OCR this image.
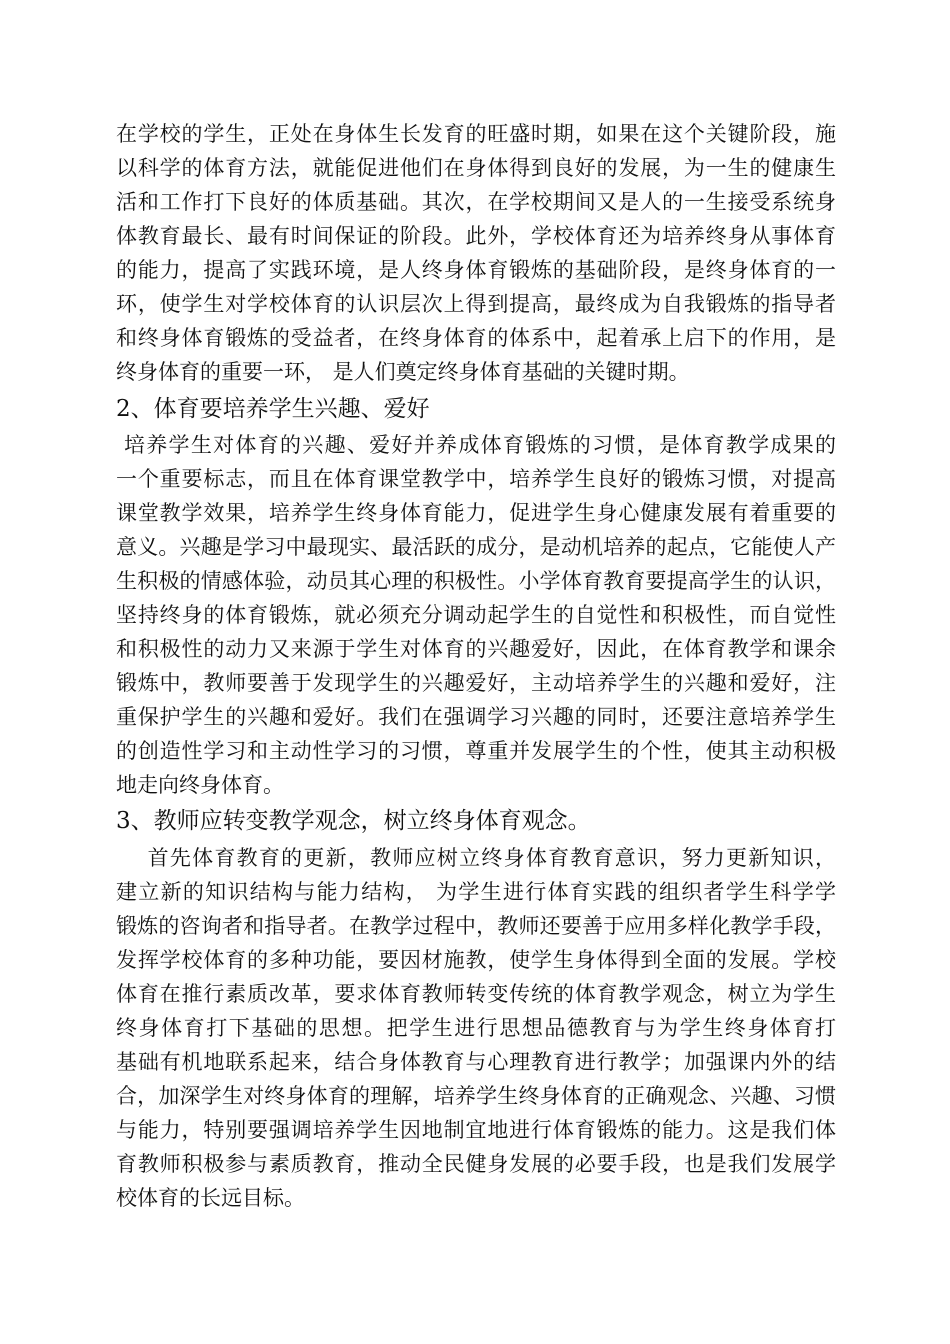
在学校的学生，正处在身体生长发育的旺盛时期，如果在这个关键阶段，施
以科学的体育方法，就能促进他们在身体得到良好的发展，为一生的健康生
活和工作打下良好的体质基础。其次，在学校期间又是人的一生接受系统身
体教育最长、最有时间保证的阶段。此外，学校体育还为培养终身从事体育
的能力，提高了实践环境，是人终身体育锻炼的基础阶段，是终身体育的一
环，使学生对学校体育的认识层次上得到提高，最终成为自我锻炼的指导者
和终身体育锻炼的受益者，在终身体育的体系中，起着承上启下的作用，是
终身体育的重要一环， 是人们奠定终身体育基础的关键时期。
2、体育要培养学生兴趣、爱好
培养学生对体育的兴趣、爱好并养成体育锻炼的习惯，是体育教学成果的
一个重要标志，而且在体育课堂教学中，培养学生良好的锻炼习惯，对提高
课堂教学效果，培养学生终身体育能力，促进学生身心健康发展有着重要的
意义。兴趣是学习中最现实、最活跃的成分，是动机培养的起点，它能使人产
生积极的情感体验，动员其心理的积极性。小学体育教育要提高学生的认识，
坚持终身的体育锻炼，就必须充分调动起学生的自觉性和积极性，而自觉性
和积极性的动力又来源于学生对体育的兴趣爱好，因此，在体育教学和课余
锻炼中，教师要善于发现学生的兴趣爱好，主动培养学生的兴趣和爱好，注
重保护学生的兴趣和爱好。我们在强调学习兴趣的同时，还要注意培养学生
的创造性学习和主动性学习的习惯，尊重并发展学生的个性，使其主动积极
地走向终身体育。
3、教师应转变教学观念，树立终身体育观念。
首先体育教育的更新，教师应树立终身体育教育意识，努力更新知识，
建立新的知识结构与能力结构， 为学生进行体育实践的组织者学生科学学
锻炼的咨询者和指导者。在教学过程中，教师还要善于应用多样化教学手段，
发挥学校体育的多种功能，要因材施教，使学生身体得到全面的发展。学校
体育在推行素质改革，要求体育教师转变传统的体育教学观念，树立为学生
终身体育打下基础的思想。把学生进行思想品德教育与为学生终身体育打
基础有机地联系起来，结合身体教育与心理教育进行教学；加强课内外的结
合，加深学生对终身体育的理解，培养学生终身体育的正确观念、兴趣、习惯
与能力，特别要强调培养学生因地制宜地进行体育锻炼的能力。这是我们体
育教师积极参与素质教育，推动全民健身发展的必要手段，也是我们发展学
校体育的长远目标。
